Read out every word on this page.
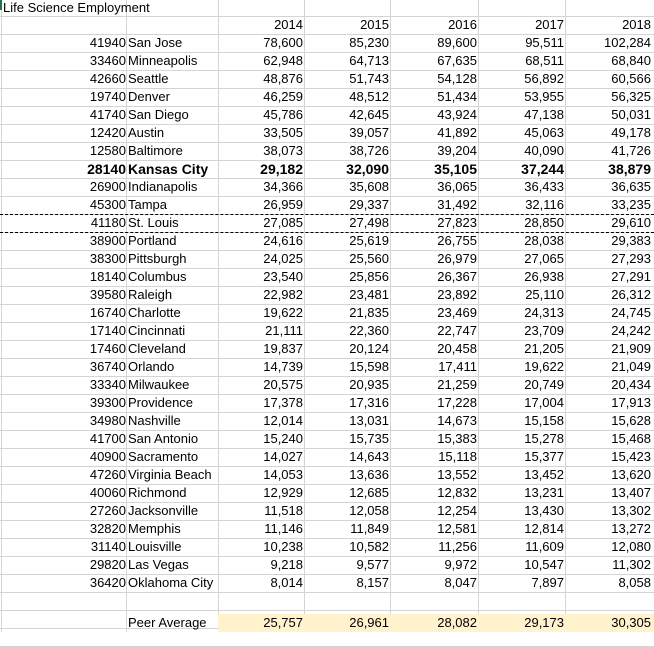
Life Science Employment
2014	2015	2016	2017	2018
41940 San Jose	78,600	85,230	89,600	95,511	102,284
33460 Minneapolis	62,948	64,713	67,635	68,511	68,840
42660 Seattle	48,876	51,743	54,128	56,892	60,566
19740 Denver	46,259	48,512	51,434	53,955	56,325
41740 San Diego	45,786	42,645	43,924	47,138	50,031
12420 Austin	33,505	39,057	41,892	45,063	49,178
12580 Baltimore	38,073	38,726	39,204	40,090	41,726
28140 Kansas City	29,182	32,090	35,105	37,244	38,879
26900 Indianapolis	34,366	35,608	36,065	36,433	36,635
45300 Tampa	26,959	29,337	31,492	32,116	33,235
41180 St. Louis	27,085	27,498	27,823	28,850	29,610
38900 Portland	24,616	25,619	26,755	28,038	29,383
38300 Pittsburgh	24,025	25,560	26,979	27,065	27,293
18140 Columbus	23,540	25,856	26,367	26,938	27,291
39580 Raleigh	22,982	23,481	23,892	25,110	26,312
16740 Charlotte	19,622	21,835	23,469	24,313	24,745
17140 Cincinnati	21,111	22,360	22,747	23,709	24,242
17460 Cleveland	19,837	20,124	20,458	21,205	21,909
36740 Orlando	14,739	15,598	17,411	19,622	21,049
33340 Milwaukee	20,575	20,935	21,259	20,749	20,434
39300 Providence	17,378	17,316	17,228	17,004	17,913
34980 Nashville	12,014	13,031	14,673	15,158	15,628
41700 San Antonio	15,240	15,735	15,383	15,278	15,468
40900 Sacramento	14,027	14,643	15,118	15,377	15,423
47260 Virginia Beach	14,053	13,636	13,552	13,452	13,620
40060 Richmond	12,929	12,685	12,832	13,231	13,407
27260 Jacksonville	11,518	12,058	12,254	13,430	13,302
32820 Memphis	11,146	11,849	12,581	12,814	13,272
31140 Louisville	10,238	10,582	11,256	11,609	12,080
29820 Las Vegas	9,218	9,577	9,972	10,547	11,302
36420 Oklahoma City	8,014	8,157	8,047	7,897	8,058
Peer Average	25,757	26,961	28,082	29,173	30,305
